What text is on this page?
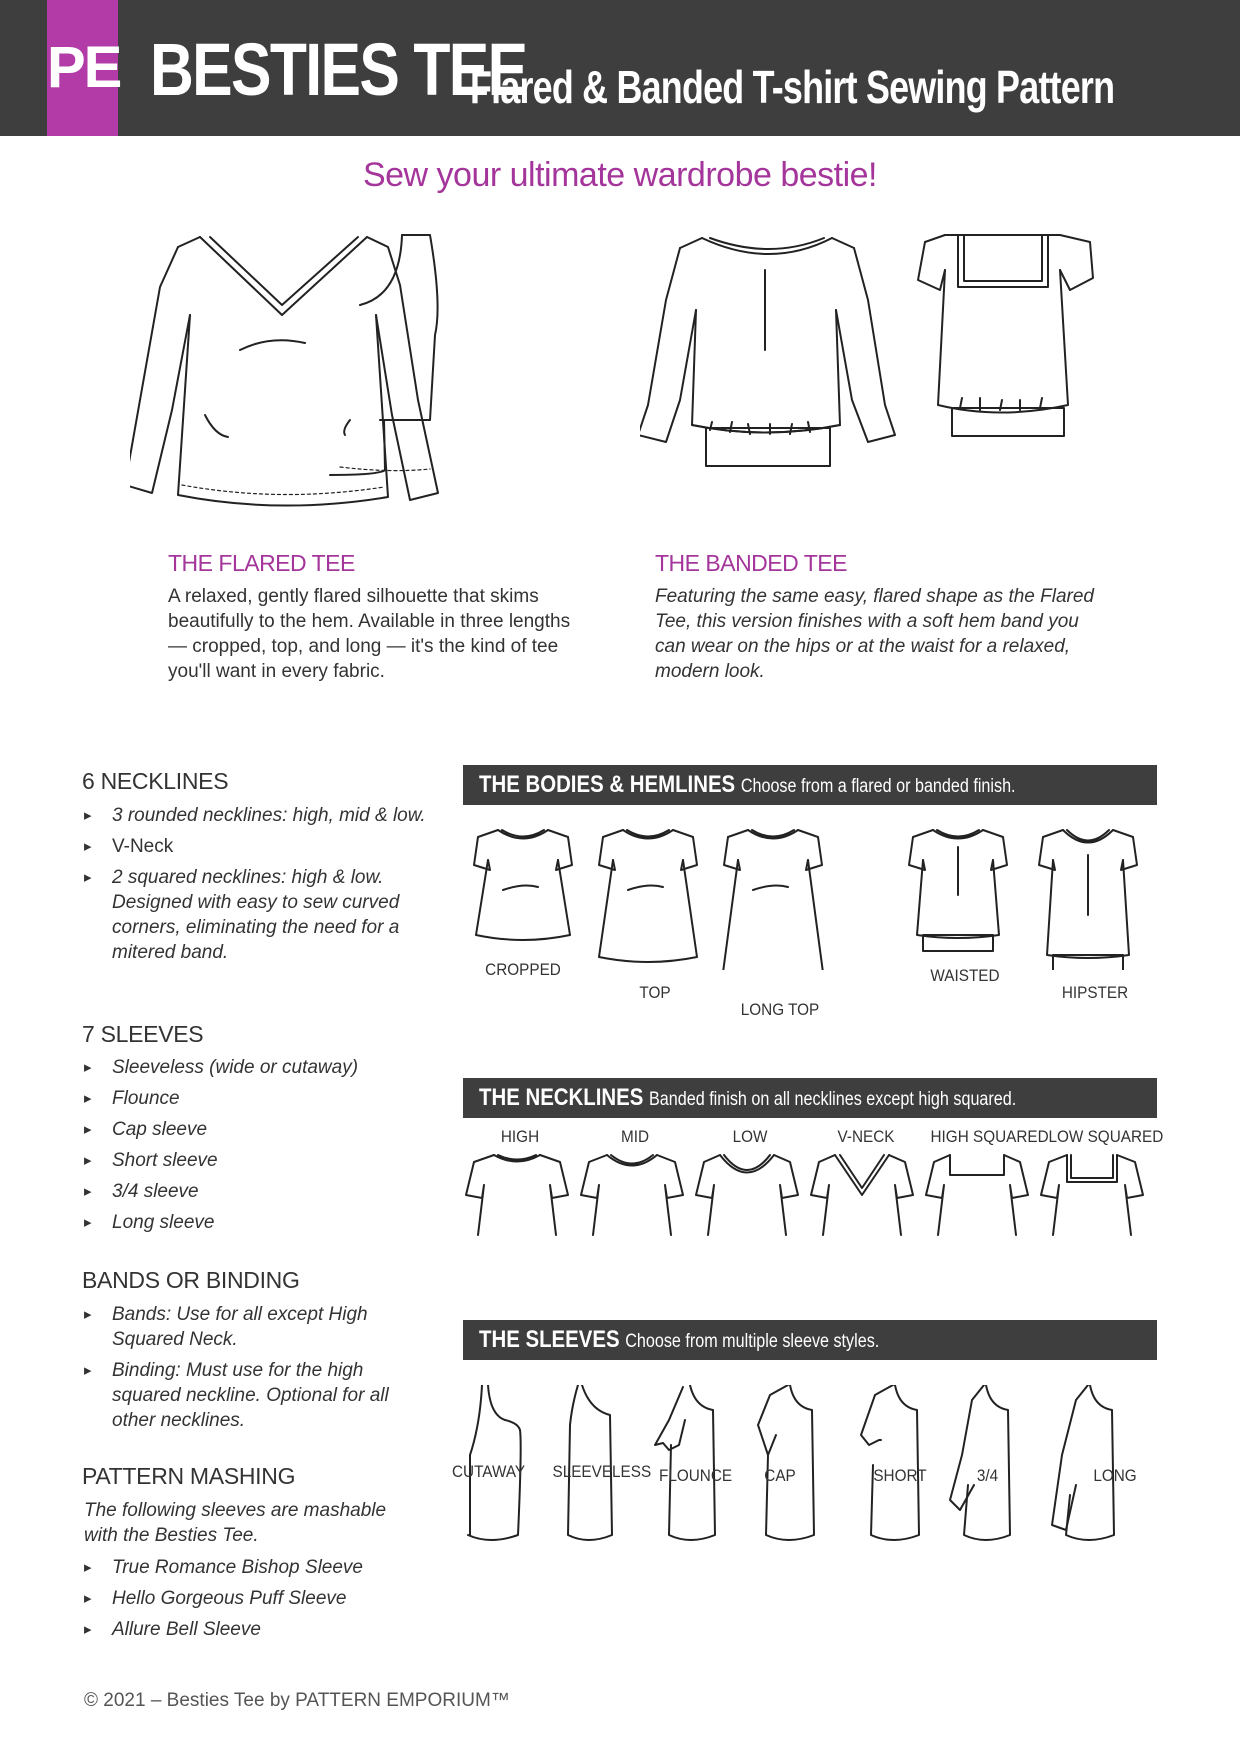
PE BESTIES TEE
Flared & Banded T-shirt Sewing Pattern
Sew your ultimate wardrobe bestie!
THE FLARED TEE
A relaxed, gently flared silhouette that skims beautifully to the hem. Available in three lengths — cropped, top, and long — it's the kind of tee you'll want in every fabric.
THE BANDED TEE
Featuring the same easy, flared shape as the Flared Tee, this version finishes with a soft hem band you can wear on the hips or at the waist for a relaxed, modern look.
6 NECKLINES
▸ 3 rounded necklines: high, mid & low.
▸ V-Neck
▸ 2 squared necklines: high & low. Designed with easy to sew curved corners, eliminating the need for a mitered band.
7 SLEEVES
▸ Sleeveless (wide or cutaway)
▸ Flounce
▸ Cap sleeve
▸ Short sleeve
▸ 3/4 sleeve
▸ Long sleeve
BANDS OR BINDING
▸ Bands: Use for all except High Squared Neck.
▸ Binding: Must use for the high squared neckline. Optional for all other necklines.
PATTERN MASHING
The following sleeves are mashable with the Besties Tee.
▸ True Romance Bishop Sleeve
▸ Hello Gorgeous Puff Sleeve
▸ Allure Bell Sleeve
THE BODIES & HEMLINES Choose from a flared or banded finish.
CROPPED
TOP
LONG TOP
WAISTED
HIPSTER
THE NECKLINES Banded finish on all necklines except high squared.
HIGH	MID	LOW	V-NECK	HIGH SQUARED LOW SQUARED
THE SLEEVES Choose from multiple sleeve styles.
CUTAWAY SLEEVELESS FLOUNCE	CAP	SHORT	3/4	LONG
© 2021 – Besties Tee by PATTERN EMPORIUM™
